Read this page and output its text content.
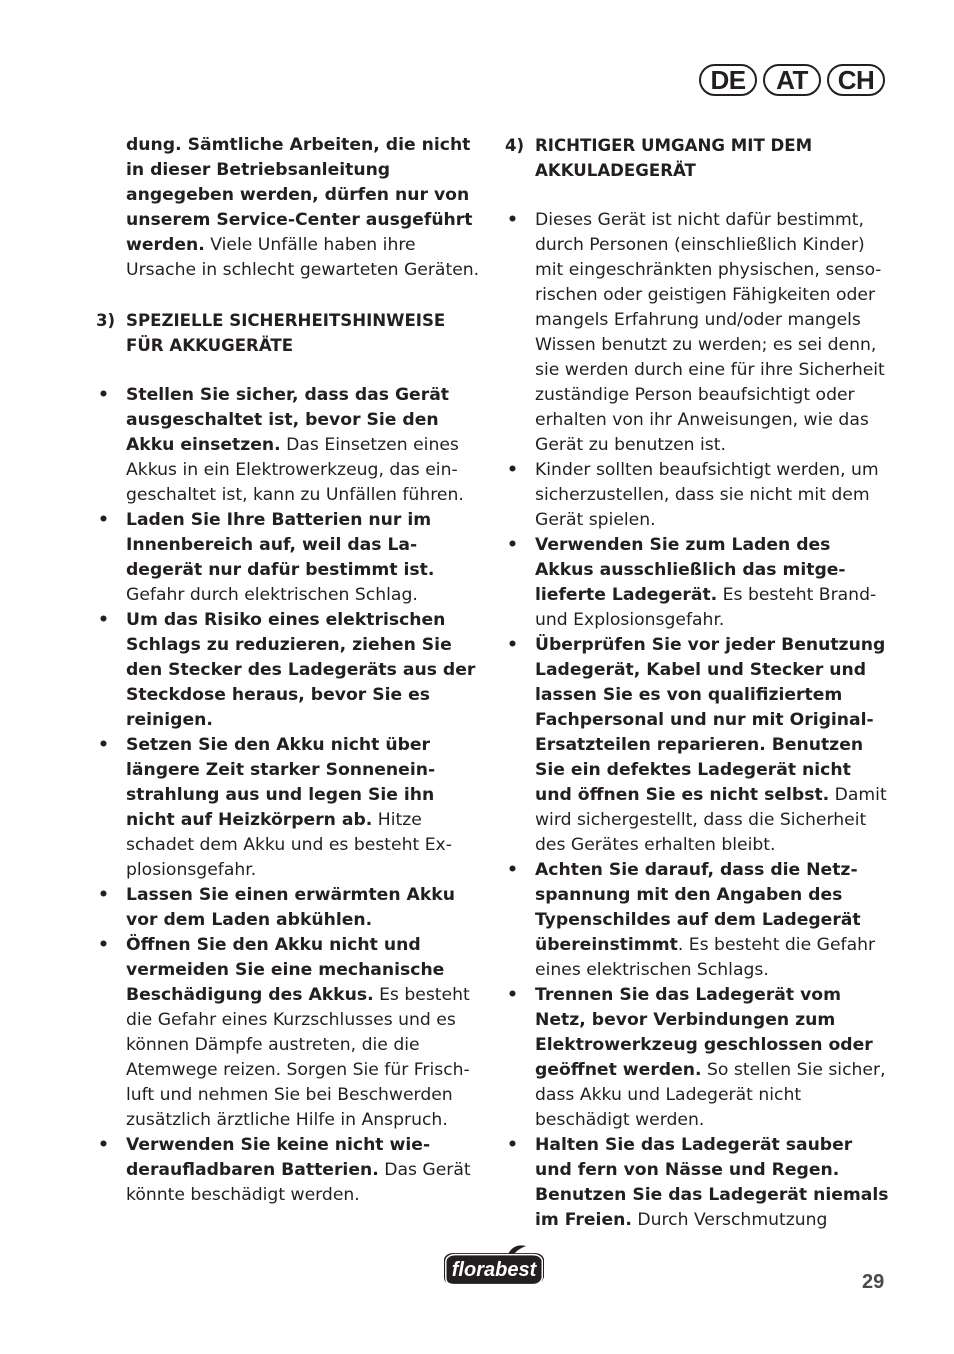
DE	AT	CH

dung. Sämtliche Arbeiten, die nicht in dieser Betriebsanleitung angegeben werden, dürfen nur von unserem Service-Center ausgeführt werden. Viele Unfälle haben ihre Ursache in schlecht gewarteten Geräten.

3) SPEZIELLE SICHERHEITSHINWEISE FÜR AKKUGERÄTE
• Stellen Sie sicher, dass das Gerät ausgeschaltet ist, bevor Sie den Akku einsetzen. Das Einsetzen eines Akkus in ein Elektrowerkzeug, das eingeschaltet ist, kann zu Unfällen führen.
• Laden Sie Ihre Batterien nur im Innenbereich auf, weil das Ladegerät nur dafür bestimmt ist. Gefahr durch elektrischen Schlag.
• Um das Risiko eines elektrischen Schlags zu reduzieren, ziehen Sie den Stecker des Ladegeräts aus der Steckdose heraus, bevor Sie es reinigen.
• Setzen Sie den Akku nicht über längere Zeit starker Sonneneinstrahlung aus und legen Sie ihn nicht auf Heizkörpern ab. Hitze schadet dem Akku und es besteht Explosionsgefahr.
• Lassen Sie einen erwärmten Akku vor dem Laden abkühlen.
• Öffnen Sie den Akku nicht und vermeiden Sie eine mechanische Beschädigung des Akkus. Es besteht die Gefahr eines Kurzschlusses und es können Dämpfe austreten, die die Atemwege reizen. Sorgen Sie für Frischluft und nehmen Sie bei Beschwerden zusätzlich ärztliche Hilfe in Anspruch.
• Verwenden Sie keine nicht wiederaufladbaren Batterien. Das Gerät könnte beschädigt werden.
4) RICHTIGER UMGANG MIT DEM AKKULADEGERÄT
• Dieses Gerät ist nicht dafür bestimmt, durch Personen (einschließlich Kinder) mit eingeschränkten physischen, sensorischen oder geistigen Fähigkeiten oder mangels Erfahrung und/oder mangels Wissen benutzt zu werden; es sei denn, sie werden durch eine für ihre Sicherheit zuständige Person beaufsichtigt oder erhalten von ihr Anweisungen, wie das Gerät zu benutzen ist.
• Kinder sollten beaufsichtigt werden, um sicherzustellen, dass sie nicht mit dem Gerät spielen.
• Verwenden Sie zum Laden des Akkus ausschließlich das mitgelieferte Ladegerät. Es besteht Brand- und Explosionsgefahr.
• Überprüfen Sie vor jeder Benutzung Ladegerät, Kabel und Stecker und lassen Sie es von qualifiziertem Fachpersonal und nur mit Original-Ersatzteilen reparieren. Benutzen Sie ein defektes Ladegerät nicht und öffnen Sie es nicht selbst. Damit wird sichergestellt, dass die Sicherheit des Gerätes erhalten bleibt.
• Achten Sie darauf, dass die Netzspannung mit den Angaben des Typenschildes auf dem Ladegerät übereinstimmt. Es besteht die Gefahr eines elektrischen Schlags.
• Trennen Sie das Ladegerät vom Netz, bevor Verbindungen zum Elektrowerkzeug geschlossen oder geöffnet werden. So stellen Sie sicher, dass Akku und Ladegerät nicht beschädigt werden.
• Halten Sie das Ladegerät sauber und fern von Nässe und Regen. Benutzen Sie das Ladegerät niemals im Freien. Durch Verschmutzung
florabest
29
